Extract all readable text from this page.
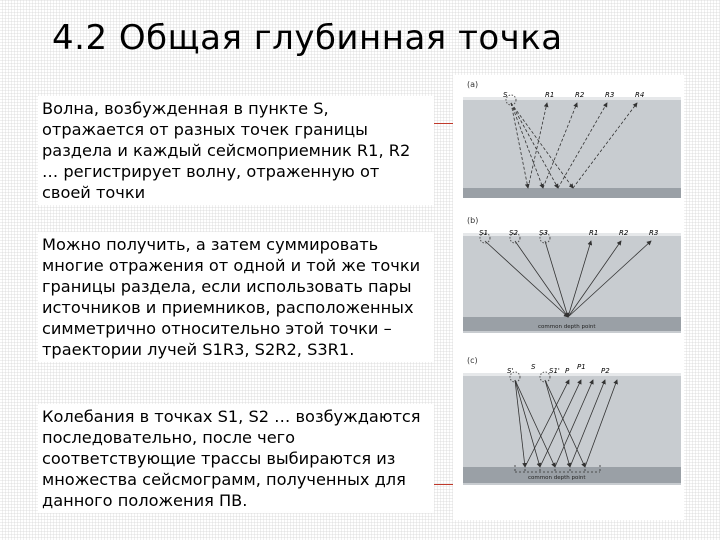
4.2 Общая глубинная точка
Волна, возбужденная в пункте S, отражается от разных точек границы раздела и каждый сейсмоприемник R1, R2 … регистрирует волну, отраженную от своей точки
Можно получить, а затем суммировать многие отражения от одной и той же точки границы раздела, если использовать пары источников и приемников, расположенных симметрично относительно этой точки – траектории лучей S1R3, S2R2, S3R1.
Колебания в точках S1, S2 … возбуждаются последовательно, после чего соответствующие трассы выбираются из множества сейсмограмм, полученных для данного положения ПВ.
(a)
S	R1	R2	R3	R4
(b)
common depth point
S1	S2	S3	R1	R2	R3
(c)
common depth point
S'	S S1' P1
P	P2
